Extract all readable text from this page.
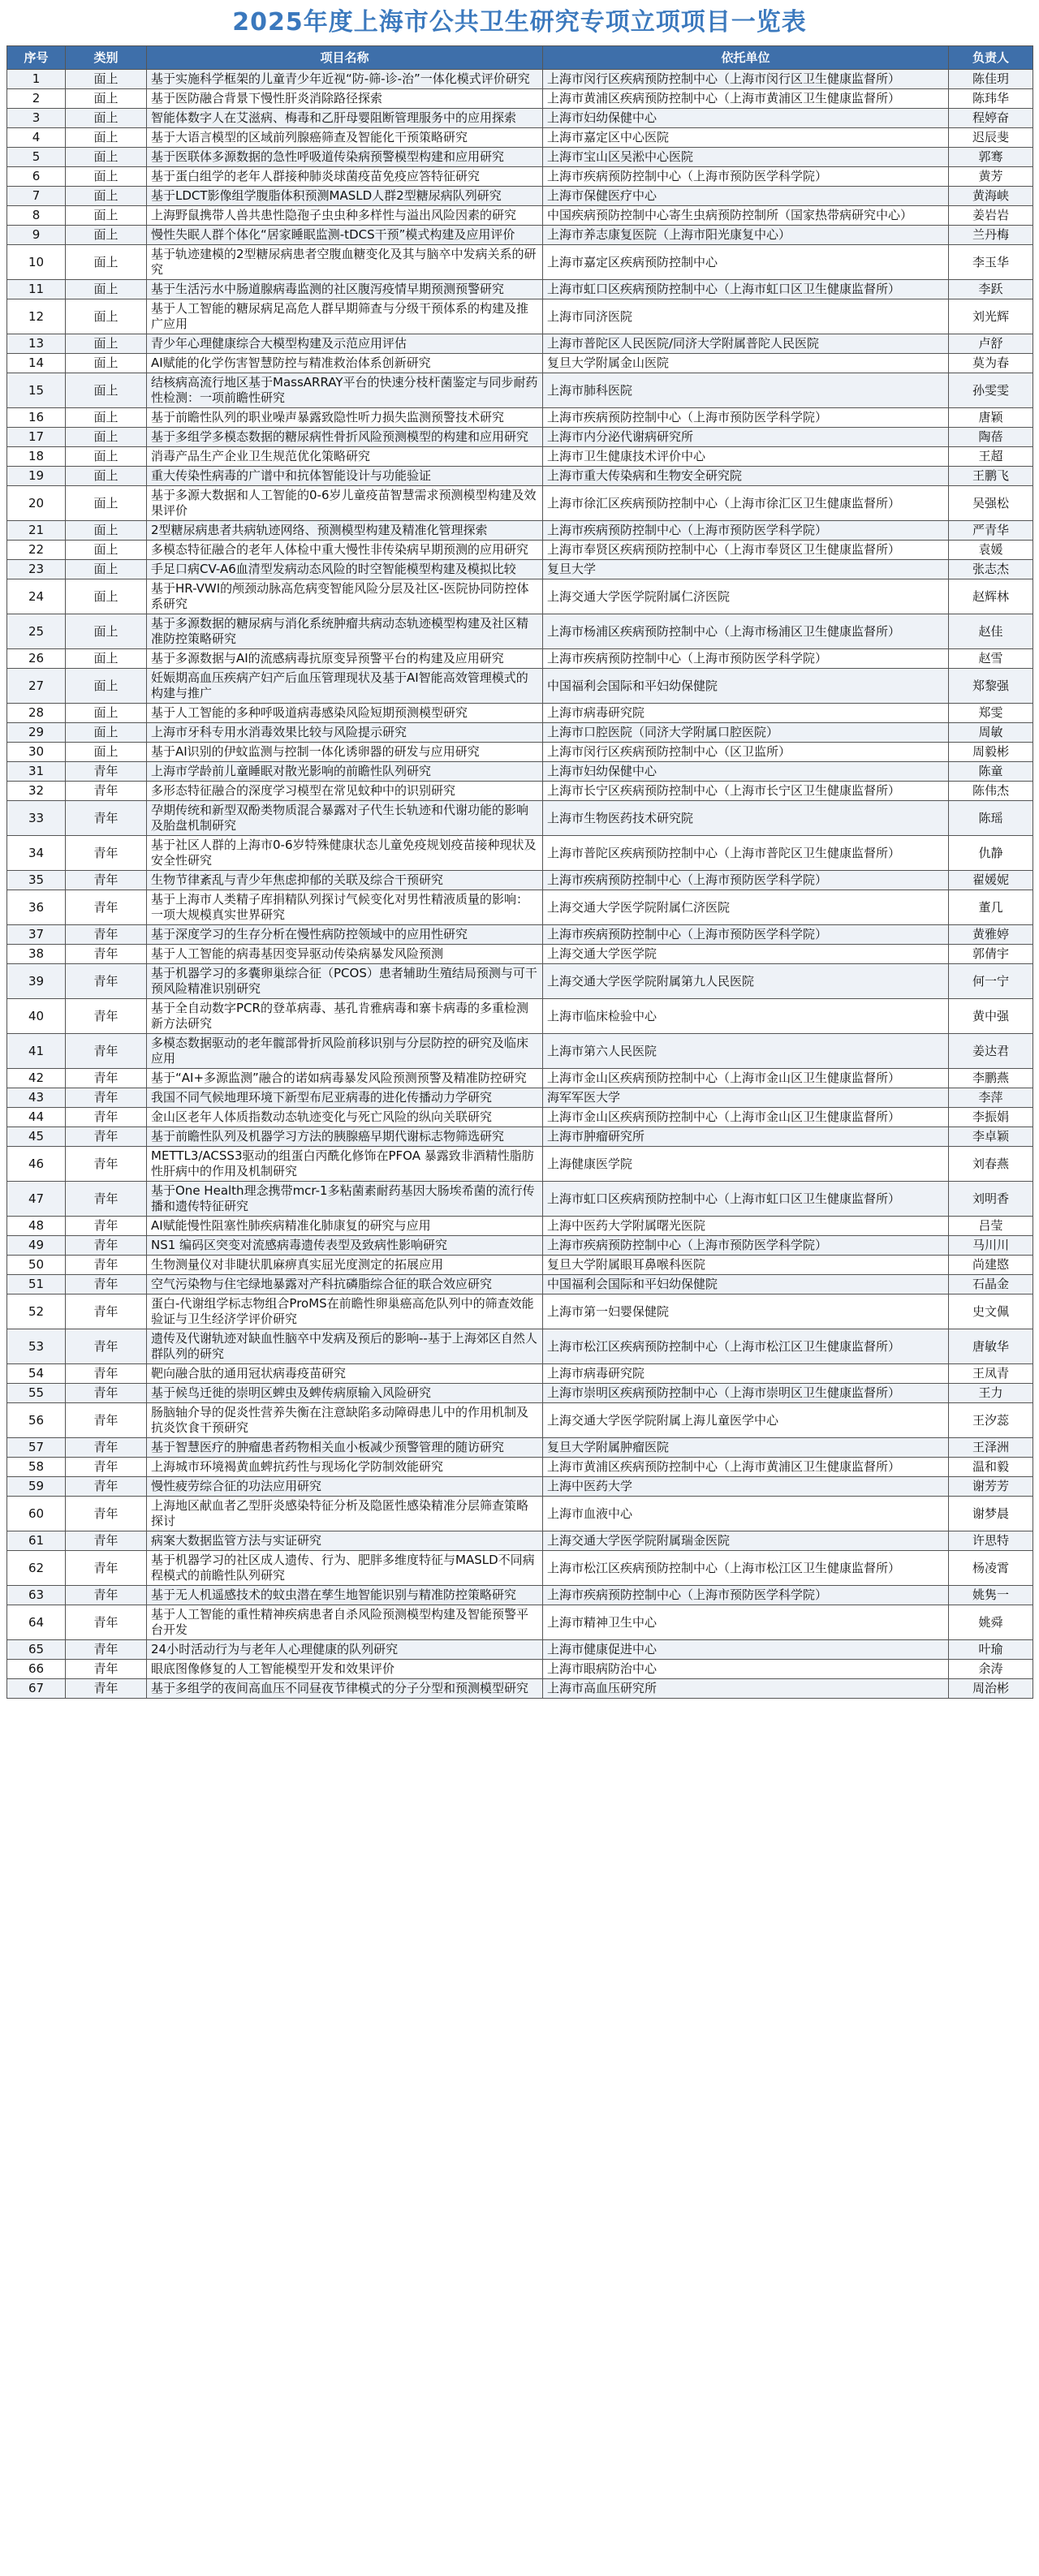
2025年度上海市公共卫生研究专项立项项目一览表
序号	类别	项目名称	依托单位	负责人
1	面上	基于实施科学框架的儿童青少年近视“防-筛-诊-治”一体化模式评价研究	上海市闵行区疾病预防控制中心（上海市闵行区卫生健康监督所）	陈佳玥
2	面上	基于医防融合背景下慢性肝炎消除路径探索	上海市黄浦区疾病预防控制中心（上海市黄浦区卫生健康监督所）	陈玮华
3	面上	智能体数字人在艾滋病、梅毒和乙肝母婴阻断管理服务中的应用探索	上海市妇幼保健中心	程婷奋
4	面上	基于大语言模型的区域前列腺癌筛查及智能化干预策略研究	上海市嘉定区中心医院	迟辰斐
5	面上	基于医联体多源数据的急性呼吸道传染病预警模型构建和应用研究	上海市宝山区吴淞中心医院	郭骞
6	面上	基于蛋白组学的老年人群接种肺炎球菌疫苗免疫应答特征研究	上海市疾病预防控制中心（上海市预防医学科学院）	黄芳
7	面上	基于LDCT影像组学腹脂体积预测MASLD人群2型糖尿病队列研究	上海市保健医疗中心	黄海峡
8	面上	上海野鼠携带人兽共患性隐孢子虫虫种多样性与溢出风险因素的研究	中国疾病预防控制中心寄生虫病预防控制所（国家热带病研究中心）	姜岩岩
9	面上	慢性失眠人群个体化“居家睡眠监测-tDCS干预”模式构建及应用评价	上海市养志康复医院（上海市阳光康复中心）	兰丹梅
10	面上	基于轨迹建模的2型糖尿病患者空腹血糖变化及其与脑卒中发病关系的研究	上海市嘉定区疾病预防控制中心	李玉华
11	面上	基于生活污水中肠道腺病毒监测的社区腹泻疫情早期预测预警研究	上海市虹口区疾病预防控制中心（上海市虹口区卫生健康监督所）	李跃
12	面上	基于人工智能的糖尿病足高危人群早期筛查与分级干预体系的构建及推广应用	上海市同济医院	刘光辉
13	面上	青少年心理健康综合大模型构建及示范应用评估	上海市普陀区人民医院/同济大学附属普陀人民医院	卢舒
14	面上	AI赋能的化学伤害智慧防控与精准救治体系创新研究	复旦大学附属金山医院	莫为春
15	面上	结核病高流行地区基于MassARRAY平台的快速分枝杆菌鉴定与同步耐药性检测：一项前瞻性研究	上海市肺科医院	孙雯雯
16	面上	基于前瞻性队列的职业噪声暴露致隐性听力损失监测预警技术研究	上海市疾病预防控制中心（上海市预防医学科学院）	唐颖
17	面上	基于多组学多模态数据的糖尿病性骨折风险预测模型的构建和应用研究	上海市内分泌代谢病研究所	陶蓓
18	面上	消毒产品生产企业卫生规范优化策略研究	上海市卫生健康技术评价中心	王超
19	面上	重大传染性病毒的广谱中和抗体智能设计与功能验证	上海市重大传染病和生物安全研究院	王鹏飞
20	面上	基于多源大数据和人工智能的0-6岁儿童疫苗智慧需求预测模型构建及效果评价	上海市徐汇区疾病预防控制中心（上海市徐汇区卫生健康监督所）	吴强松
21	面上	2型糖尿病患者共病轨迹网络、预测模型构建及精准化管理探索	上海市疾病预防控制中心（上海市预防医学科学院）	严青华
22	面上	多模态特征融合的老年人体检中重大慢性非传染病早期预测的应用研究	上海市奉贤区疾病预防控制中心（上海市奉贤区卫生健康监督所）	袁媛
23	面上	手足口病CV-A6血清型发病动态风险的时空智能模型构建及模拟比较	复旦大学	张志杰
24	面上	基于HR-VWI的颅颈动脉高危病变智能风险分层及社区-医院协同防控体系研究	上海交通大学医学院附属仁济医院	赵辉林
25	面上	基于多源数据的糖尿病与消化系统肿瘤共病动态轨迹模型构建及社区精准防控策略研究	上海市杨浦区疾病预防控制中心（上海市杨浦区卫生健康监督所）	赵佳
26	面上	基于多源数据与AI的流感病毒抗原变异预警平台的构建及应用研究	上海市疾病预防控制中心（上海市预防医学科学院）	赵雪
27	面上	妊娠期高血压疾病产妇产后血压管理现状及基于AI智能高效管理模式的构建与推广	中国福利会国际和平妇幼保健院	郑黎强
28	面上	基于人工智能的多种呼吸道病毒感染风险短期预测模型研究	上海市病毒研究院	郑雯
29	面上	上海市牙科专用水消毒效果比较与风险提示研究	上海市口腔医院（同济大学附属口腔医院）	周敏
30	面上	基于AI识别的伊蚊监测与控制一体化诱卵器的研发与应用研究	上海市闵行区疾病预防控制中心（区卫监所）	周毅彬
31	青年	上海市学龄前儿童睡眠对散光影响的前瞻性队列研究	上海市妇幼保健中心	陈童
32	青年	多形态特征融合的深度学习模型在常见蚊种中的识别研究	上海市长宁区疾病预防控制中心（上海市长宁区卫生健康监督所）	陈伟杰
33	青年	孕期传统和新型双酚类物质混合暴露对子代生长轨迹和代谢功能的影响及胎盘机制研究	上海市生物医药技术研究院	陈瑶
34	青年	基于社区人群的上海市0-6岁特殊健康状态儿童免疫规划疫苗接种现状及安全性研究	上海市普陀区疾病预防控制中心（上海市普陀区卫生健康监督所）	仇静
35	青年	生物节律紊乱与青少年焦虑抑郁的关联及综合干预研究	上海市疾病预防控制中心（上海市预防医学科学院）	翟媛妮
36	青年	基于上海市人类精子库捐精队列探讨气候变化对男性精液质量的影响：一项大规模真实世界研究	上海交通大学医学院附属仁济医院	董几
37	青年	基于深度学习的生存分析在慢性病防控领域中的应用性研究	上海市疾病预防控制中心（上海市预防医学科学院）	黄雅婷
38	青年	基于人工智能的病毒基因变异驱动传染病暴发风险预测	上海交通大学医学院	郭倩宇
39	青年	基于机器学习的多囊卵巢综合征（PCOS）患者辅助生殖结局预测与可干预风险精准识别研究	上海交通大学医学院附属第九人民医院	何一宁
40	青年	基于全自动数字PCR的登革病毒、基孔肯雅病毒和寨卡病毒的多重检测新方法研究	上海市临床检验中心	黄中强
41	青年	多模态数据驱动的老年髋部骨折风险前移识别与分层防控的研究及临床应用	上海市第六人民医院	姜达君
42	青年	基于“AI+多源监测”融合的诺如病毒暴发风险预测预警及精准防控研究	上海市金山区疾病预防控制中心（上海市金山区卫生健康监督所）	李鹏燕
43	青年	我国不同气候地理环境下新型布尼亚病毒的进化传播动力学研究	海军军医大学	李萍
44	青年	金山区老年人体质指数动态轨迹变化与死亡风险的纵向关联研究	上海市金山区疾病预防控制中心（上海市金山区卫生健康监督所）	李振娟
45	青年	基于前瞻性队列及机器学习方法的胰腺癌早期代谢标志物筛选研究	上海市肿瘤研究所	李卓颖
46	青年	METTL3/ACSS3驱动的组蛋白丙酰化修饰在PFOA 暴露致非酒精性脂肪性肝病中的作用及机制研究	上海健康医学院	刘春燕
47	青年	基于One Health理念携带mcr-1多粘菌素耐药基因大肠埃希菌的流行传播和遗传特征研究	上海市虹口区疾病预防控制中心（上海市虹口区卫生健康监督所）	刘明香
48	青年	AI赋能慢性阻塞性肺疾病精准化肺康复的研究与应用	上海中医药大学附属曙光医院	吕莹
49	青年	NS1 编码区突变对流感病毒遗传表型及致病性影响研究	上海市疾病预防控制中心（上海市预防医学科学院）	马川川
50	青年	生物测量仪对非睫状肌麻痹真实屈光度测定的拓展应用	复旦大学附属眼耳鼻喉科医院	尚建愍
51	青年	空气污染物与住宅绿地暴露对产科抗磷脂综合征的联合效应研究	中国福利会国际和平妇幼保健院	石晶金
52	青年	蛋白-代谢组学标志物组合ProMS在前瞻性卵巢癌高危队列中的筛查效能验证与卫生经济学评价研究	上海市第一妇婴保健院	史文佩
53	青年	遗传及代谢轨迹对缺血性脑卒中发病及预后的影响--基于上海郊区自然人群队列的研究	上海市松江区疾病预防控制中心（上海市松江区卫生健康监督所）	唐敏华
54	青年	靶向融合肽的通用冠状病毒疫苗研究	上海市病毒研究院	王凤青
55	青年	基于候鸟迁徙的崇明区蜱虫及蜱传病原输入风险研究	上海市崇明区疾病预防控制中心（上海市崇明区卫生健康监督所）	王力
56	青年	肠脑轴介导的促炎性营养失衡在注意缺陷多动障碍患儿中的作用机制及抗炎饮食干预研究	上海交通大学医学院附属上海儿童医学中心	王汐蕊
57	青年	基于智慧医疗的肿瘤患者药物相关血小板减少预警管理的随访研究	复旦大学附属肿瘤医院	王泽洲
58	青年	上海城市环境褐黄血蜱抗药性与现场化学防制效能研究	上海市黄浦区疾病预防控制中心（上海市黄浦区卫生健康监督所）	温和毅
59	青年	慢性疲劳综合征的功法应用研究	上海中医药大学	谢芳芳
60	青年	上海地区献血者乙型肝炎感染特征分析及隐匿性感染精准分层筛查策略探讨	上海市血液中心	谢梦晨
61	青年	病案大数据监管方法与实证研究	上海交通大学医学院附属瑞金医院	许思特
62	青年	基于机器学习的社区成人遗传、行为、肥胖多维度特征与MASLD不同病程模式的前瞻性队列研究	上海市松江区疾病预防控制中心（上海市松江区卫生健康监督所）	杨凌霄
63	青年	基于无人机遥感技术的蚊虫潜在孳生地智能识别与精准防控策略研究	上海市疾病预防控制中心（上海市预防医学科学院）	姚隽一
64	青年	基于人工智能的重性精神疾病患者自杀风险预测模型构建及智能预警平台开发	上海市精神卫生中心	姚舜
65	青年	24小时活动行为与老年人心理健康的队列研究	上海市健康促进中心	叶瑜
66	青年	眼底图像修复的人工智能模型开发和效果评价	上海市眼病防治中心	余涛
67	青年	基于多组学的夜间高血压不同昼夜节律模式的分子分型和预测模型研究	上海市高血压研究所	周治彬
